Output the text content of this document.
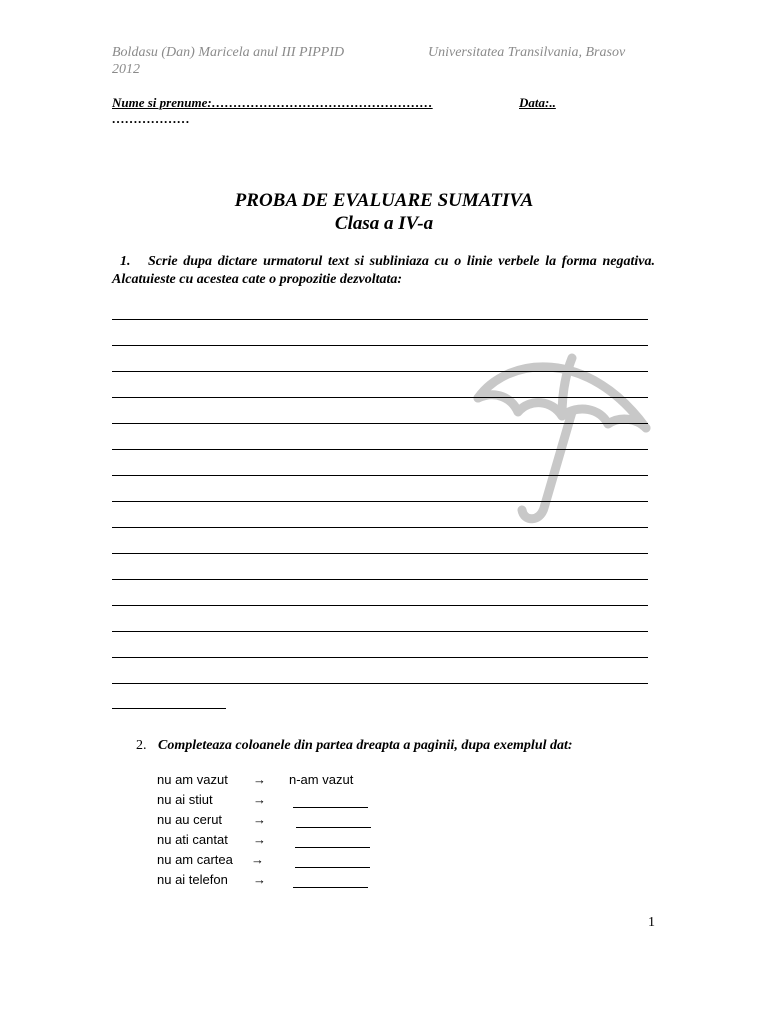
Boldasu (Dan) Maricela anul III PIPPID
2012
Universitatea Transilvania, Brasov
Nume si prenume:……………………………………………	Data:..
………………
PROBA DE EVALUARE SUMATIVA
Clasa a IV-a
1. Scrie dupa dictare urmatorul text si subliniaza cu o linie verbele la forma negativa. Alcatuieste cu acestea cate o propozitie dezvoltata:
2. Completeaza coloanele din partea dreapta a paginii, dupa exemplul dat:
nu am vazut → n-am vazut
nu ai stiut	→
nu au cerut →
nu ati cantat →
nu am cartea →
nu ai telefon →
1
